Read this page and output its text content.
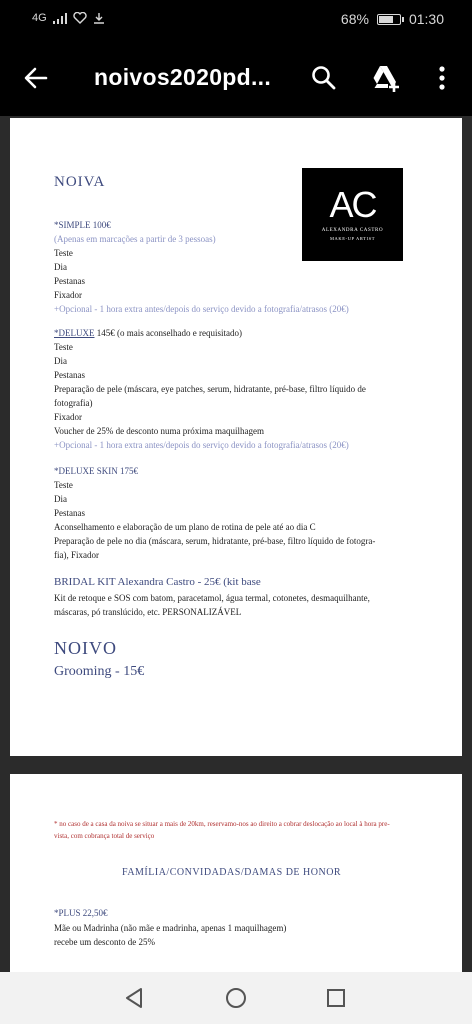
4G	68%	01:30
noivos2020pd...
NOIVA
AC
ALEXANDRA CASTRO
MAKE-UP ARTIST
*SIMPLE 100€
(Apenas em marcações a partir de 3 pessoas)
Teste
Dia
Pestanas
Fixador
+Opcional - 1 hora extra antes/depois do serviço devido a fotografia/atrasos (20€)
*DELUXE 145€ (o mais aconselhado e requisitado)
Teste
Dia
Pestanas
Preparação de pele (máscara, eye patches, serum, hidratante, pré-base, filtro líquido de
fotografia)
Fixador
Voucher de 25% de desconto numa próxima maquilhagem
+Opcional - 1 hora extra antes/depois do serviço devido a fotografia/atrasos (20€)
*DELUXE SKIN 175€
Teste
Dia
Pestanas
Aconselhamento e elaboração de um plano de rotina de pele até ao dia C
Preparação de pele no dia (máscara, serum, hidratante, pré-base, filtro líquido de fotogra-
fia), Fixador
BRIDAL KIT Alexandra Castro - 25€ (kit base
Kit de retoque e SOS com batom, paracetamol, água termal, cotonetes, desmaquilhante,
máscaras, pó translúcido, etc. PERSONALIZÁVEL
NOIVO
Grooming - 15€
* no caso de a casa da noiva se situar a mais de 20km, reservamo-nos ao direito a cobrar deslocação ao local à hora pre-
vista, com cobrança total de serviço
FAMÍLIA/CONVIDADAS/DAMAS DE HONOR
*PLUS 22,50€
Mãe ou Madrinha (não mãe e madrinha, apenas 1 maquilhagem)
recebe um desconto de 25%
